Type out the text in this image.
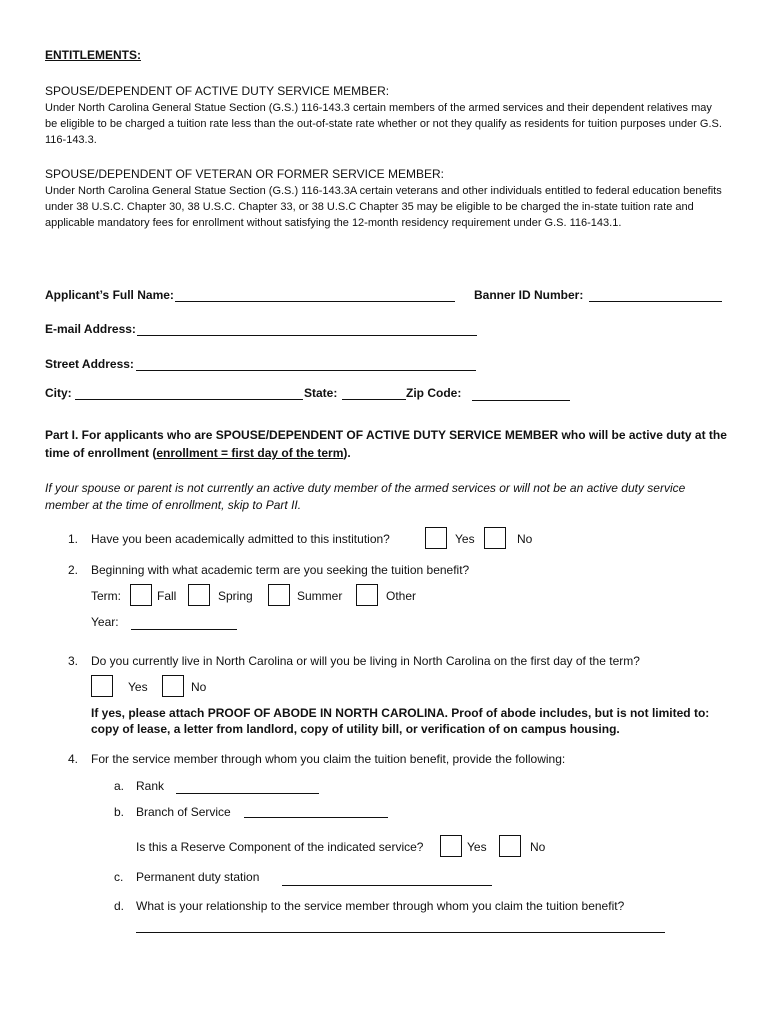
ENTITLEMENTS:
SPOUSE/DEPENDENT OF ACTIVE DUTY SERVICE MEMBER:
Under North Carolina General Statue Section (G.S.) 116-143.3 certain members of the armed services and their dependent relatives may be eligible to be charged a tuition rate less than the out-of-state rate whether or not they qualify as residents for tuition purposes under G.S. 116-143.3.
SPOUSE/DEPENDENT OF VETERAN OR FORMER SERVICE MEMBER:
Under North Carolina General Statue Section (G.S.) 116-143.3A certain veterans and other individuals entitled to federal education benefits under 38 U.S.C. Chapter 30, 38 U.S.C. Chapter 33, or 38 U.S.C Chapter 35 may be eligible to be charged the in-state tuition rate and applicable mandatory fees for enrollment without satisfying the 12-month residency requirement under G.S. 116-143.1.
Applicant’s Full Name:	Banner ID Number:
E-mail Address:
Street Address:
City:	State:	Zip Code:
Part I. For applicants who are SPOUSE/DEPENDENT OF ACTIVE DUTY SERVICE MEMBER who will be active duty at the
time of enrollment (enrollment = first day of the term).
If your spouse or parent is not currently an active duty member of the armed services or will not be an active duty service member at the time of enrollment, skip to Part II.
1. Have you been academically admitted to this institution?	Yes	No
2. Beginning with what academic term are you seeking the tuition benefit?
Term:	Fall	Spring	Summer	Other
Year:
3. Do you currently live in North Carolina or will you be living in North Carolina on the first day of the term?
Yes	No
If yes, please attach PROOF OF ABODE IN NORTH CAROLINA. Proof of abode includes, but is not limited to:
copy of lease, a letter from landlord, copy of utility bill, or verification of on campus housing.
4. For the service member through whom you claim the tuition benefit, provide the following:
a. Rank
b. Branch of Service
Is this a Reserve Component of the indicated service?	Yes	No
c. Permanent duty station
d. What is your relationship to the service member through whom you claim the tuition benefit?
